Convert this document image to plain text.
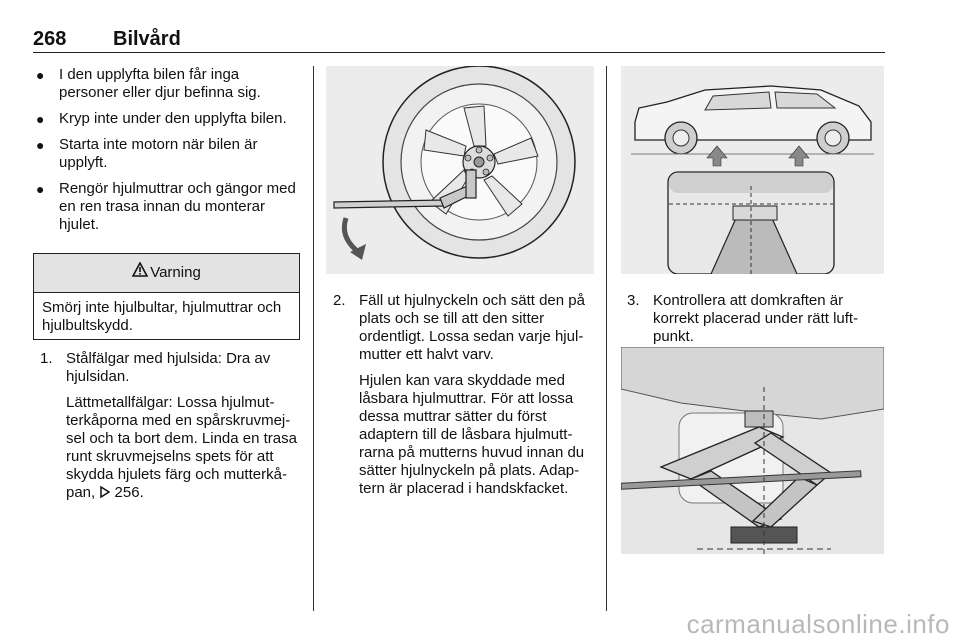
268 Bilvård
● I den upplyfta bilen får inga personer eller djur befinna sig.
● Kryp inte under den upplyfta bilen.
● Starta inte motorn när bilen är upplyft.
● Rengör hjulmuttrar och gängor med en ren trasa innan du monterar hjulet.
Varning
Smörj inte hjulbultar, hjulmuttrar och hjulbultskydd.
1. Stålfälgar med hjulsida: Dra av hjulsidan.

Lättmetallfälgar: Lossa hjulmutterkåporna med en spårskruvmejsel och ta bort dem. Linda en trasa runt skruvmejselns spets för att skydda hjulets färg och mutterkåpan, 256.

2. Fäll ut hjulnyckeln och sätt den på plats och se till att den sitter ordentligt. Lossa sedan varje hjulmutter ett halvt varv.

Hjulen kan vara skyddade med låsbara hjulmuttrar. För att lossa dessa muttrar sätter du först adaptern till de låsbara hjulmuttrarna på mutterns huvud innan du sätter hjulnyckeln på plats. Adaptern är placerad i handskfacket.

3. Kontrollera att domkraften är korrekt placerad under rätt luftpunkt.

carmanualsonline.info
